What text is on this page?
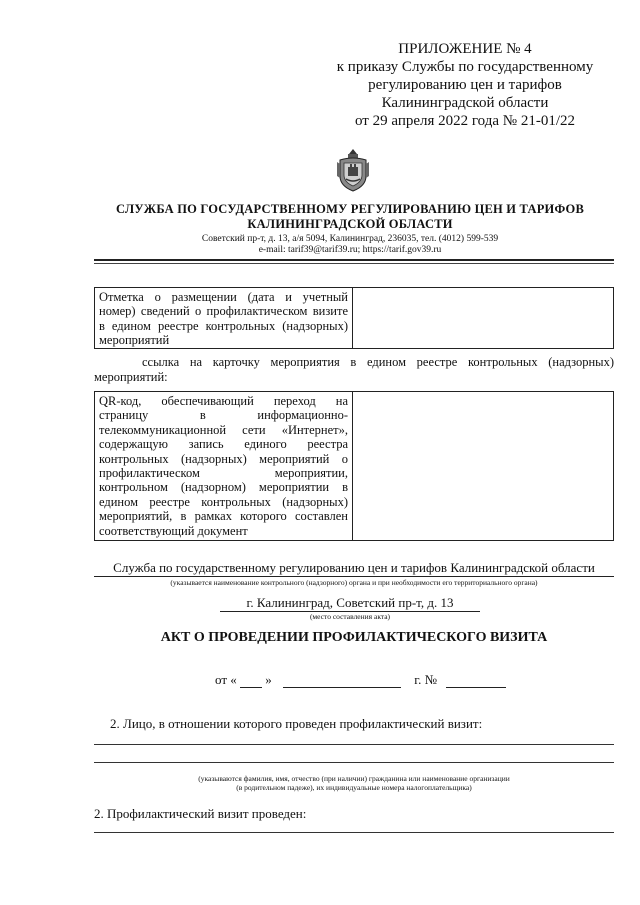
ПРИЛОЖЕНИЕ № 4
к приказу Службы по государственному
регулированию цен и тарифов
Калининградской области
от 29 апреля 2022 года № 21-01/22
СЛУЖБА ПО ГОСУДАРСТВЕННОМУ РЕГУЛИРОВАНИЮ ЦЕН И ТАРИФОВ
КАЛИНИНГРАДСКОЙ ОБЛАСТИ
Советский пр-т, д. 13, а/я 5094, Калининград, 236035, тел. (4012) 599-539
e-mail: tarif39@tarif39.ru; https://tarif.gov39.ru
Отметка о размещении (дата и учетный номер) сведений о профилактическом визите в едином реестре контрольных (надзорных) мероприятий
ссылка на карточку мероприятия в едином реестре контрольных (надзорных) мероприятий:
QR-код, обеспечивающий переход на страницу в информационно-телекоммуникационной сети «Интернет», содержащую запись единого реестра контрольных (надзорных) мероприятий о профилактическом мероприятии, контрольном (надзорном) мероприятии в едином реестре контрольных (надзорных) мероприятий, в рамках которого составлен соответствующий документ
Служба по государственному регулированию цен и тарифов Калининградской области
(указывается наименование контрольного (надзорного) органа и при необходимости его территориального органа)
г. Калининград, Советский пр-т, д. 13
(место составления акта)
АКТ О ПРОВЕДЕНИИ ПРОФИЛАКТИЧЕСКОГО ВИЗИТА
от « »	г. №
2. Лицо, в отношении которого проведен профилактический визит:
(указываются фамилия, имя, отчество (при наличии) гражданина или наименование организации
(в родительном падеже), их индивидуальные номера налогоплательщика)
2. Профилактический визит проведен:
